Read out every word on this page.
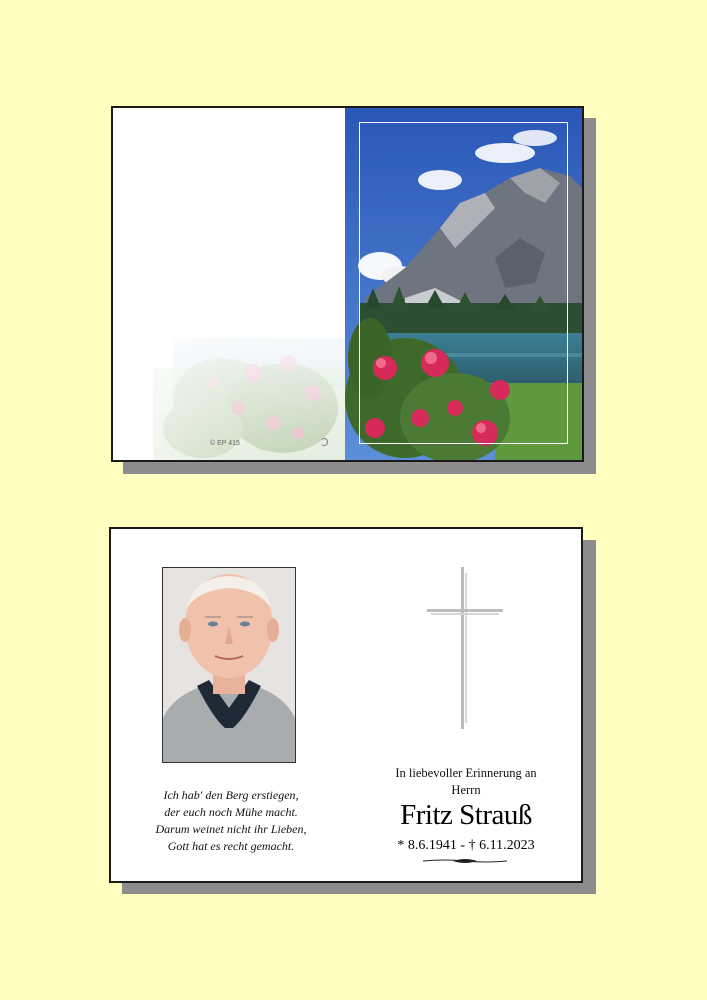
© EP 415	Ↄ
Ich hab' den Berg erstiegen,
der euch noch Mühe macht.
Darum weinet nicht ihr Lieben,
Gott hat es recht gemacht.
In liebevoller Erinnerung an
Herrn
Fritz Strauß
* 8.6.1941 - † 6.11.2023
